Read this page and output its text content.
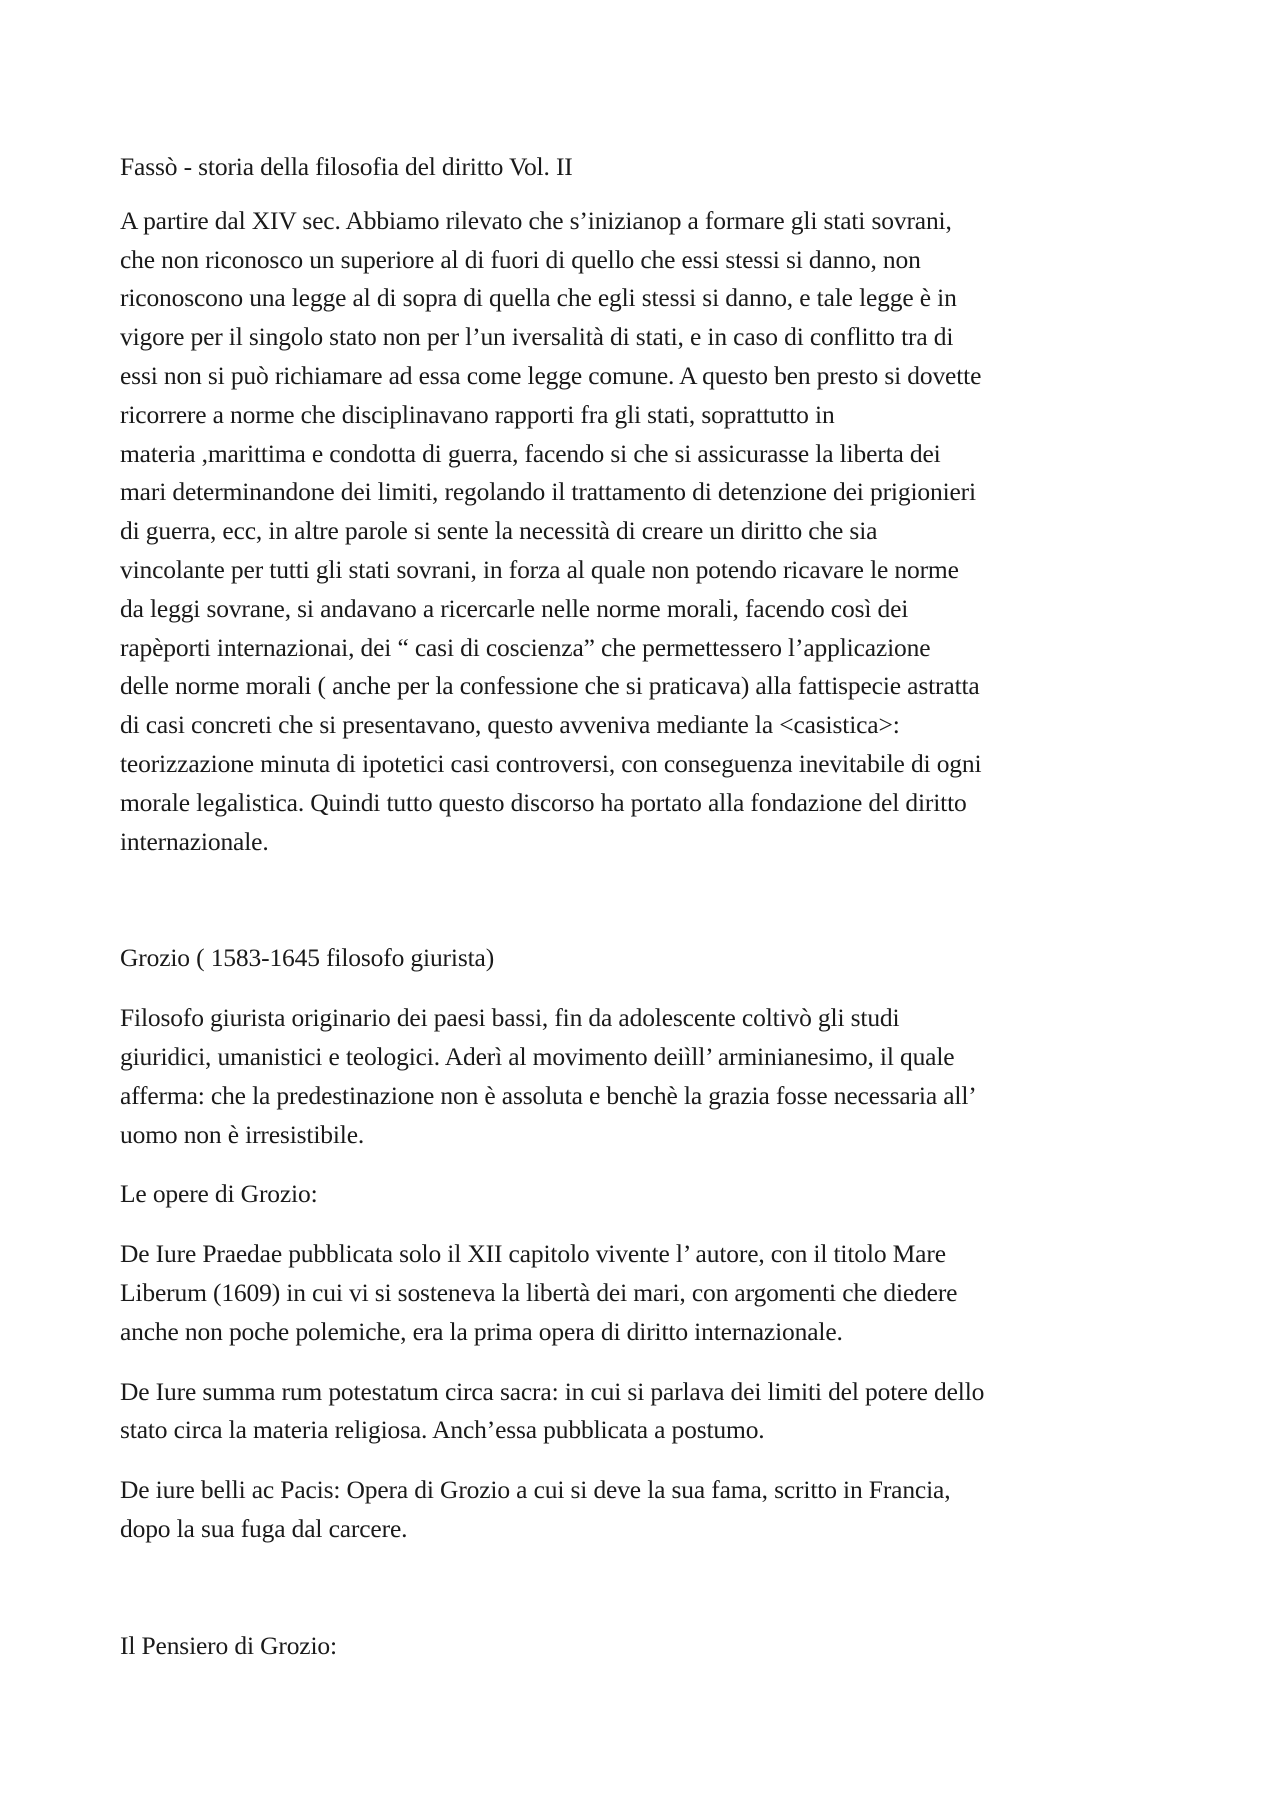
Fassò - storia della filosofia del diritto Vol. II

A partire dal XIV sec. Abbiamo rilevato che s’inizianop a formare gli stati sovrani,
che non riconosco un superiore al di fuori di quello che essi stessi si danno, non
riconoscono una legge al di sopra di quella che egli stessi si danno, e tale legge è in
vigore per il singolo stato non per l’un iversalità di stati, e in caso di conflitto tra di
essi non si può richiamare ad essa come legge comune. A questo ben presto si dovette
ricorrere a norme che disciplinavano rapporti fra gli stati, soprattutto in
materia ,marittima e condotta di guerra, facendo si che si assicurasse la liberta dei
mari determinandone dei limiti, regolando il trattamento di detenzione dei prigionieri
di guerra, ecc, in altre parole si sente la necessità di creare un diritto che sia
vincolante per tutti gli stati sovrani, in forza al quale non potendo ricavare le norme
da leggi sovrane, si andavano a ricercarle nelle norme morali, facendo così dei
rapèporti internazionai, dei “ casi di coscienza” che permettessero l’applicazione
delle norme morali ( anche per la confessione che si praticava) alla fattispecie astratta
di casi concreti che si presentavano, questo avveniva mediante la <casistica>:
teorizzazione minuta di ipotetici casi controversi, con conseguenza inevitabile di ogni
morale legalistica. Quindi tutto questo discorso ha portato alla fondazione del diritto
internazionale.

Grozio ( 1583-1645 filosofo giurista)

Filosofo giurista originario dei paesi bassi, fin da adolescente coltivò gli studi
giuridici, umanistici e teologici. Aderì al movimento deiìll’ arminianesimo, il quale
afferma: che la predestinazione non è assoluta e benchè la grazia fosse necessaria all’
uomo non è irresistibile.

Le opere di Grozio:

De Iure Praedae pubblicata solo il XII capitolo vivente l’ autore, con il titolo Mare
Liberum (1609) in cui vi si sosteneva la libertà dei mari, con argomenti che diedere
anche non poche polemiche, era la prima opera di diritto internazionale.

De Iure summa rum potestatum circa sacra: in cui si parlava dei limiti del potere dello
stato circa la materia religiosa. Anch’essa pubblicata a postumo.

De iure belli ac Pacis: Opera di Grozio a cui si deve la sua fama, scritto in Francia,
dopo la sua fuga dal carcere.

Il Pensiero di Grozio:
